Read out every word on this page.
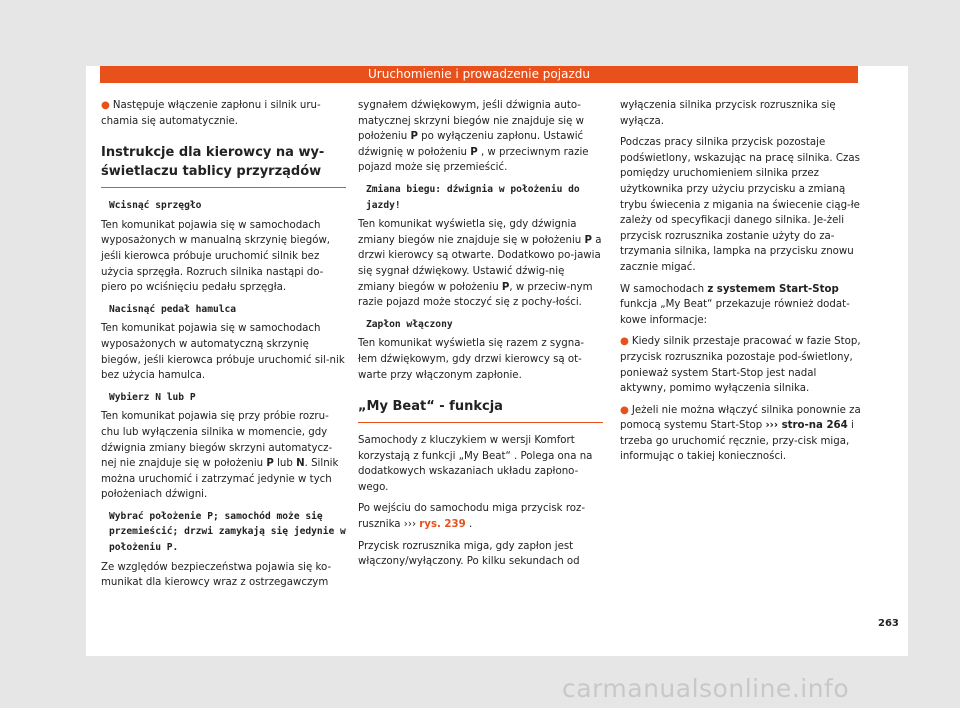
Uruchomienie i prowadzenie pojazdu

● Następuje włączenie zapłonu i silnik uru-chamia się automatycznie.

Instrukcje dla kierowcy na wy-świetlaczu tablicy przyrządów
Wcisnąć sprzęgło

Ten komunikat pojawia się w samochodach wyposażonych w manualną skrzynię biegów, jeśli kierowca próbuje uruchomić silnik bez użycia sprzęgła. Rozruch silnika nastąpi do-piero po wciśnięciu pedału sprzęgła.

Nacisnąć pedał hamulca

Ten komunikat pojawia się w samochodach wyposażonych w automatyczną skrzynię biegów, jeśli kierowca próbuje uruchomić sil-nik bez użycia hamulca.

Wybierz N lub P

Ten komunikat pojawia się przy próbie rozru-chu lub wyłączenia silnika w momencie, gdy dźwignia zmiany biegów skrzyni automatycz-nej nie znajduje się w położeniu P lub N. Silnik można uruchomić i zatrzymać jedynie w tych położeniach dźwigni.

Wybrać położenie P; samochód może się przemieścić; drzwi zamykają się jedynie w położeniu P.

Ze względów bezpieczeństwa pojawia się ko-munikat dla kierowcy wraz z ostrzegawczym

sygnałem dźwiękowym, jeśli dźwignia auto-matycznej skrzyni biegów nie znajduje się w położeniu P po wyłączeniu zapłonu. Ustawić dźwignię w położeniu P , w przeciwnym razie pojazd może się przemieścić.

Zmiana biegu: dźwignia w położeniu do jazdy!

Ten komunikat wyświetla się, gdy dźwignia zmiany biegów nie znajduje się w położeniu P a drzwi kierowcy są otwarte. Dodatkowo po-jawia się sygnał dźwiękowy. Ustawić dźwig-nię zmiany biegów w położeniu P, w przeciw-nym razie pojazd może stoczyć się z pochy-łości.

Zapłon włączony

Ten komunikat wyświetla się razem z sygna-łem dźwiękowym, gdy drzwi kierowcy są ot-warte przy włączonym zapłonie.

„My Beat“ - funkcja

Samochody z kluczykiem w wersji Komfort korzystają z funkcji „My Beat“ . Polega ona na dodatkowych wskazaniach układu zapłono-wego.

Po wejściu do samochodu miga przycisk roz-rusznika ››› rys. 239 .

Przycisk rozrusznika miga, gdy zapłon jest włączony/wyłączony. Po kilku sekundach od

wyłączenia silnika przycisk rozrusznika się wyłącza.

Podczas pracy silnika przycisk pozostaje podświetlony, wskazując na pracę silnika. Czas pomiędzy uruchomieniem silnika przez użytkownika przy użyciu przycisku a zmianą trybu świecenia z migania na świecenie ciąg-łe zależy od specyfikacji danego silnika. Je-żeli przycisk rozrusznika zostanie użyty do za-trzymania silnika, lampka na przycisku znowu zacznie migać.

W samochodach z systemem Start-Stop funkcja „My Beat“ przekazuje również dodat-kowe informacje:

● Kiedy silnik przestaje pracować w fazie Stop, przycisk rozrusznika pozostaje pod-świetlony, ponieważ system Start-Stop jest nadal aktywny, pomimo wyłączenia silnika.

● Jeżeli nie można włączyć silnika ponownie za pomocą systemu Start-Stop ››› stro-na 264 i trzeba go uruchomić ręcznie, przy-cisk miga, informując o takiej konieczności.

263
carmanualsonline.info
